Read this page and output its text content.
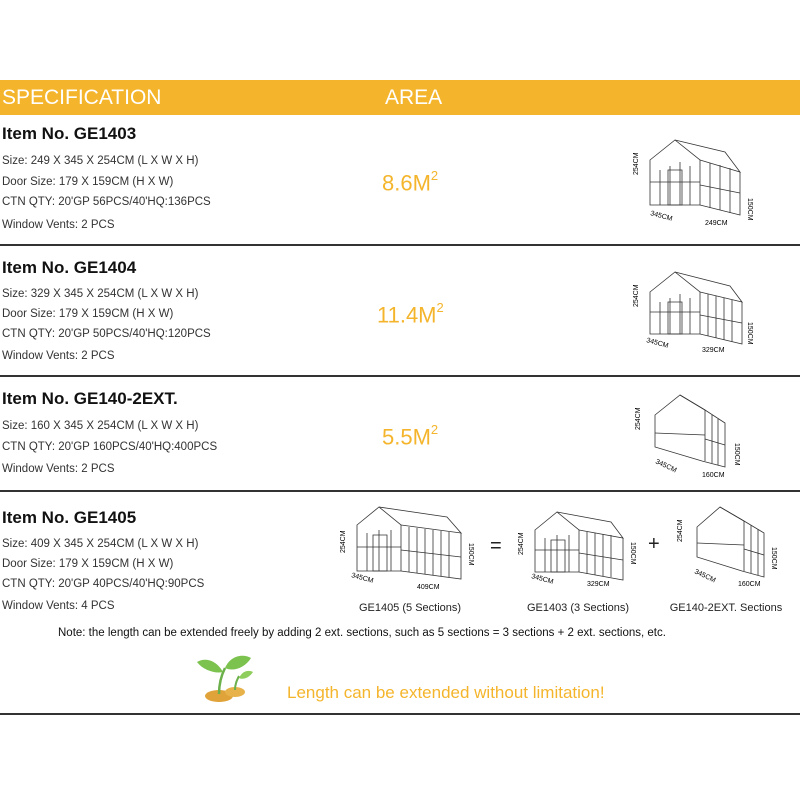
SPECIFICATION	AREA
Item No. GE1403
Size: 249 X 345 X 254CM (L X W X H)
Door Size: 179 X 159CM (H X W)
CTN QTY: 20'GP 56PCS/40'HQ:136PCS
Window Vents: 2 PCS
$8.6M^2$
254CM
345CM
249CM
150CM
Item No. GE1404
Size: 329 X 345 X 254CM (L X W X H)
Door Size: 179 X 159CM (H X W)
CTN QTY: 20'GP 50PCS/40'HQ:120PCS
Window Vents: 2 PCS
$11.4M^2$
254CM
345CM
329CM
150CM
Item No. GE140-2EXT.
Size: 160 X 345 X 254CM (L X W X H)
CTN QTY: 20'GP 160PCS/40'HQ:400PCS
Window Vents: 2 PCS
$5.5M^2$	254CM
345CM
160CM
150CM
Item No. GE1405
Size: 409 X 345 X 254CM (L X W X H)
Door Size: 179 X 159CM (H X W)
CTN QTY: 20'GP 40PCS/40'HQ:90PCS
Window Vents: 4 PCS
254CM
345CM
409CM
150CM
GE1405 (5 Sections)
= 254CM
345CM	329CM
150CM
GE1403 (3 Sections)
+
254CM
345CM
160CM
150CM
GE140-2EXT. Sections
Note: the length can be extended freely by adding 2 ext. sections, such as 5 sections = 3 sections + 2 ext. sections, etc.
Length can be extended without limitation!
